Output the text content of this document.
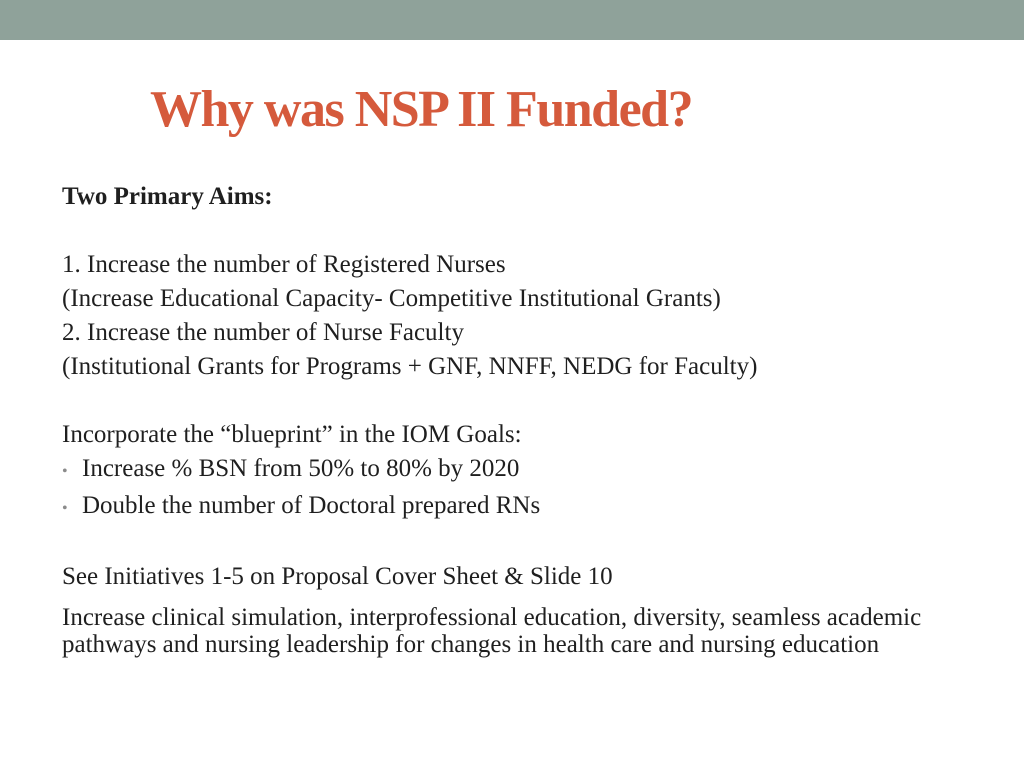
Why was NSP II Funded?
Two Primary Aims:
1. Increase the number of Registered Nurses
(Increase Educational Capacity- Competitive Institutional Grants)
2. Increase the number of Nurse Faculty
(Institutional Grants for Programs + GNF, NNFF, NEDG for Faculty)
Incorporate the “blueprint” in the IOM Goals:
• Increase % BSN from 50% to 80% by 2020
• Double the number of Doctoral prepared RNs
See Initiatives 1-5 on Proposal Cover Sheet & Slide 10
Increase clinical simulation, interprofessional education, diversity, seamless academic pathways and nursing leadership for changes in health care and nursing education
